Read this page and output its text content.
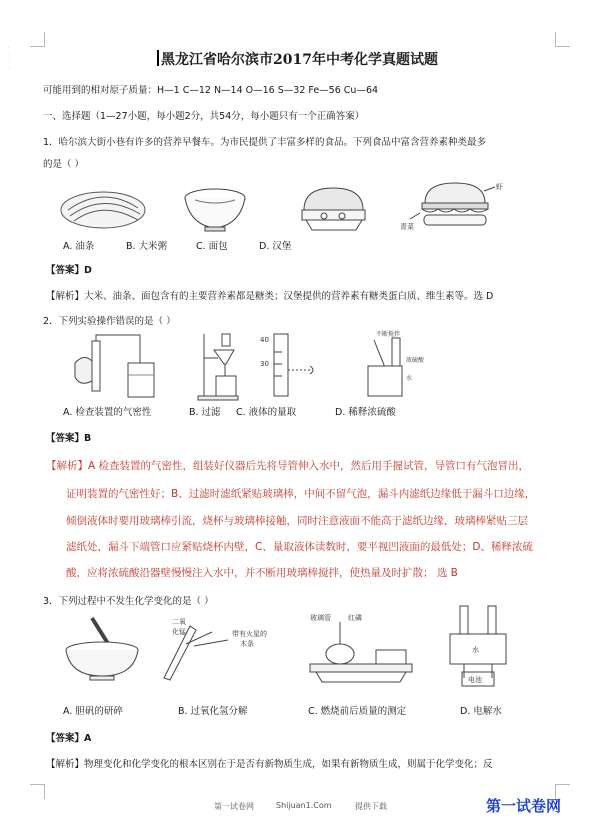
·
·
·
·
黑龙江省哈尔滨市2017年中考化学真题试题
可能用到的相对原子质量：H—1 C—12 N—14 O—16 S—32 Fe—56 Cu—64
一、选择题（1—27小题，每小题2分，共54分，每小题只有一个正确答案）
1．哈尔滨大街小巷有许多的营养早餐车。为市民提供了丰富多样的食品。下列食品中富含营养素种类最多
的是（ ）
虾
青菜
A. 油条	B. 大米粥	C. 面包	D. 汉堡
【答案】D
【解析】大米、油条、面包含有的主要营养素都是糖类；汉堡提供的营养素有糖类蛋白质、维生素等。选 D
2．下列实验操作错误的是（ ）
40
30
不断搅拌
浓硫酸
水
A. 检查装置的气密性	B. 过滤 C. 液体的量取	D. 稀释浓硫酸
【答案】B
【解析】A 检查装置的气密性，组装好仪器后先将导管伸入水中，然后用手握试管，导管口有气泡冒出，
证明装置的气密性好；B、过滤时滤纸紧贴玻璃棒，中间不留气泡，漏斗内滤纸边缘低于漏斗口边缘，
倾倒液体时要用玻璃棒引流，烧杯与玻璃棒接触，同时注意液面不能高于滤纸边缘，玻璃棒紧贴三层
滤纸处，漏斗下端管口应紧贴烧杯内壁，C、量取液体读数时，要平视凹液面的最低处；D、稀释浓硫
酸，应将浓硫酸沿器壁慢慢注入水中，并不断用玻璃棒搅拌，使热量及时扩散； 选 B
3．下列过程中不发生化学变化的是（ ）
二氧
化锰	带有火星的
木条
玻璃管 红磷
水
电池
A. 胆矾的研碎	B. 过氧化氢分解	C. 燃烧前后质量的测定	D. 电解水
【答案】A
【解析】物理变化和化学变化的根本区别在于是否有新物质生成，如果有新物质生成，则属于化学变化；反
第一试卷网	Shijuan1.Com	提供下载	第一试卷网
